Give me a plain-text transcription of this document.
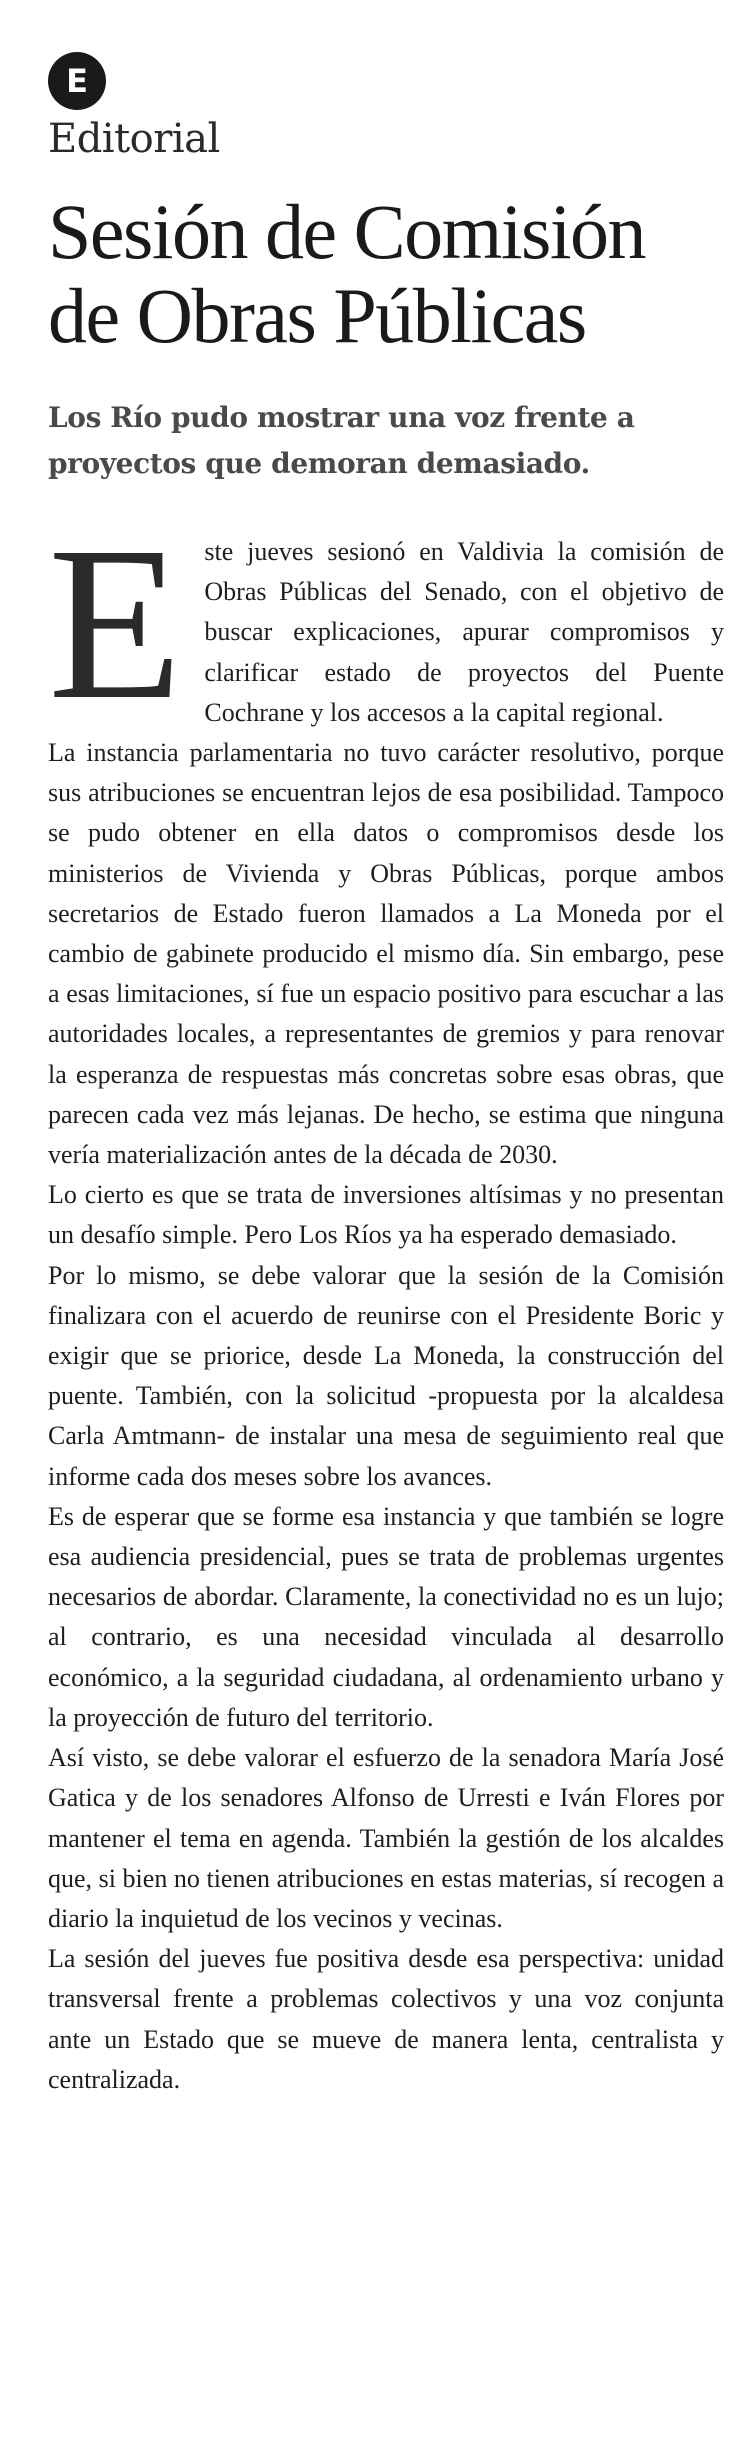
E
Editorial
Sesión de Comisión de Obras Públicas
Los Río pudo mostrar una voz frente a proyectos que demoran demasiado.

Este jueves sesionó en Valdivia la comisión de Obras Públicas del Senado, con el objetivo de buscar explicaciones, apurar compromisos y clarificar estado de proyectos del Puente Cochrane y los accesos a la capital regional.

La instancia parlamentaria no tuvo carácter resolutivo, porque sus atribuciones se encuentran lejos de esa posibilidad. Tampoco se pudo obtener en ella datos o compromisos desde los ministerios de Vivienda y Obras Públicas, porque ambos secretarios de Estado fueron llamados a La Moneda por el cambio de gabinete producido el mismo día. Sin embargo, pese a esas limitaciones, sí fue un espacio positivo para escuchar a las autoridades locales, a representantes de gremios y para renovar la esperanza de respuestas más concretas sobre esas obras, que parecen cada vez más lejanas. De hecho, se estima que ninguna vería materialización antes de la década de 2030.

Lo cierto es que se trata de inversiones altísimas y no presentan un desafío simple. Pero Los Ríos ya ha esperado demasiado.

Por lo mismo, se debe valorar que la sesión de la Comisión finalizara con el acuerdo de reunirse con el Presidente Boric y exigir que se priorice, desde La Moneda, la construcción del puente. También, con la solicitud -propuesta por la alcaldesa Carla Amtmann- de instalar una mesa de seguimiento real que informe cada dos meses sobre los avances.

Es de esperar que se forme esa instancia y que también se logre esa audiencia presidencial, pues se trata de problemas urgentes necesarios de abordar. Claramente, la conectividad no es un lujo; al contrario, es una necesidad vinculada al desarrollo económico, a la seguridad ciudadana, al ordenamiento urbano y la proyección de futuro del territorio.

Así visto, se debe valorar el esfuerzo de la senadora María José Gatica y de los senadores Alfonso de Urresti e Iván Flores por mantener el tema en agenda. También la gestión de los alcaldes que, si bien no tienen atribuciones en estas materias, sí recogen a diario la inquietud de los vecinos y vecinas.

La sesión del jueves fue positiva desde esa perspectiva: unidad transversal frente a problemas colectivos y una voz conjunta ante un Estado que se mueve de manera lenta, centralista y centralizada.
